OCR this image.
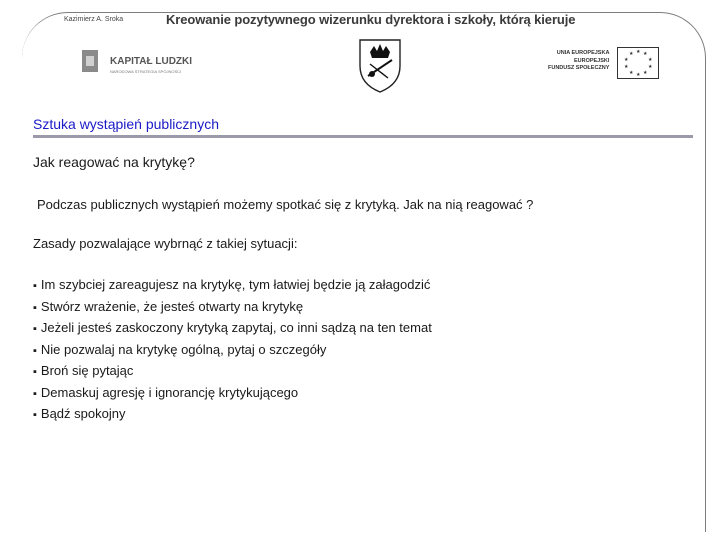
Kazimierz A. Sroka	Kreowanie pozytywnego wizerunku dyrektora i szkoły, którą kieruje
KAPITAŁ LUDZKI
NARODOWA STRATEGIA SPÓJNOŚCI
UNIA EUROPEJSKA
EUROPEJSKI
FUNDUSZ SPOŁECZNY
★ ★
★
★
★
★
★
★
★
★
Sztuka wystąpień publicznych
Jak reagować na krytykę?
Podczas publicznych wystąpień możemy spotkać się z krytyką. Jak na nią reagować ?
Zasady pozwalające wybrnąć z takiej sytuacji:
▪ Im szybciej zareagujesz na krytykę, tym łatwiej będzie ją załagodzić
▪ Stwórz wrażenie, że jesteś otwarty na krytykę
▪ Jeżeli jesteś zaskoczony krytyką zapytaj, co inni sądzą na ten temat
▪ Nie pozwalaj na krytykę ogólną, pytaj o szczegóły
▪ Broń się pytając
▪ Demaskuj agresję i ignorancję krytykującego
▪ Bądź spokojny
